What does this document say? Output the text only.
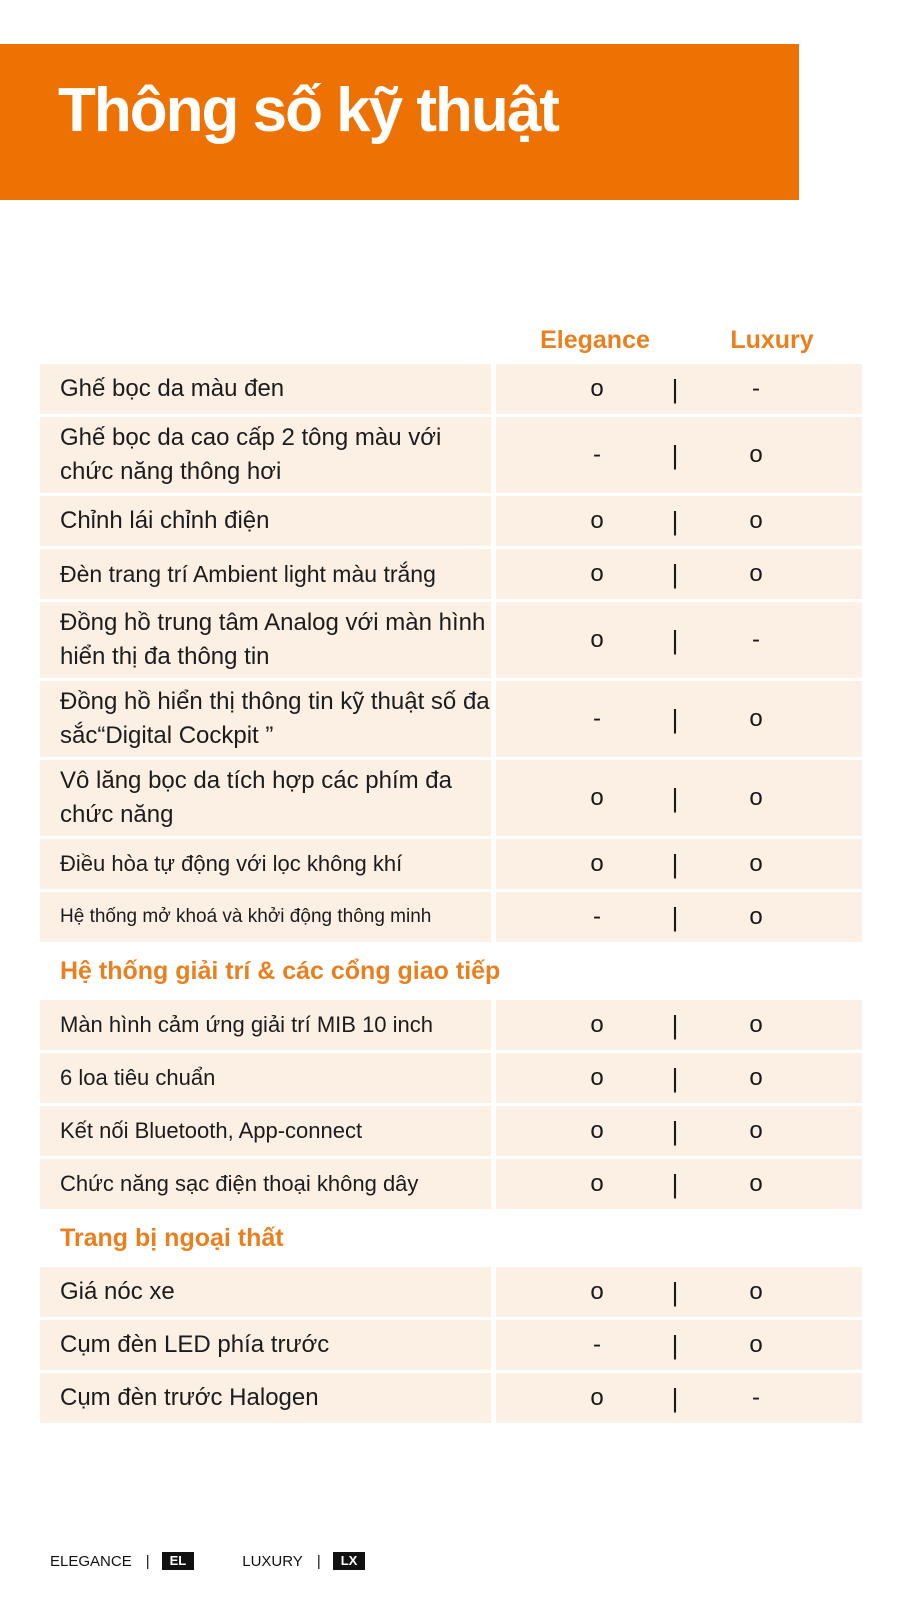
Thông số kỹ thuật
Elegance	Luxury
Ghế bọc da màu đen	o	|	-
Ghế bọc da cao cấp 2 tông màu với chức năng thông hơi
-	|	o
Chỉnh lái chỉnh điện	o	|	o
Đèn trang trí Ambient light màu trắng	o	|	o
Đồng hồ trung tâm Analog với màn hình hiển thị đa thông tin
o	|	-
Đồng hồ hiển thị thông tin kỹ thuật số đa sắc“Digital Cockpit ”
-	|	o
Vô lăng bọc da tích hợp các phím đa chức năng
o	|	o
Điều hòa tự động với lọc không khí	o	|	o
Hệ thống mở khoá và khởi động thông minh	-	|	o
Hệ thống giải trí & các cổng giao tiếp
Màn hình cảm ứng giải trí MIB 10 inch	o	|	o
6 loa tiêu chuẩn	o	|	o
Kết nối Bluetooth, App-connect	o	|	o
Chức năng sạc điện thoại không dây	o	|	o
Trang bị ngoại thất
Giá nóc xe	o	|	o
Cụm đèn LED phía trước	-	|	o
Cụm đèn trước Halogen	o	|	-
ELEGANCE |	EL	LUXURY |	LX
